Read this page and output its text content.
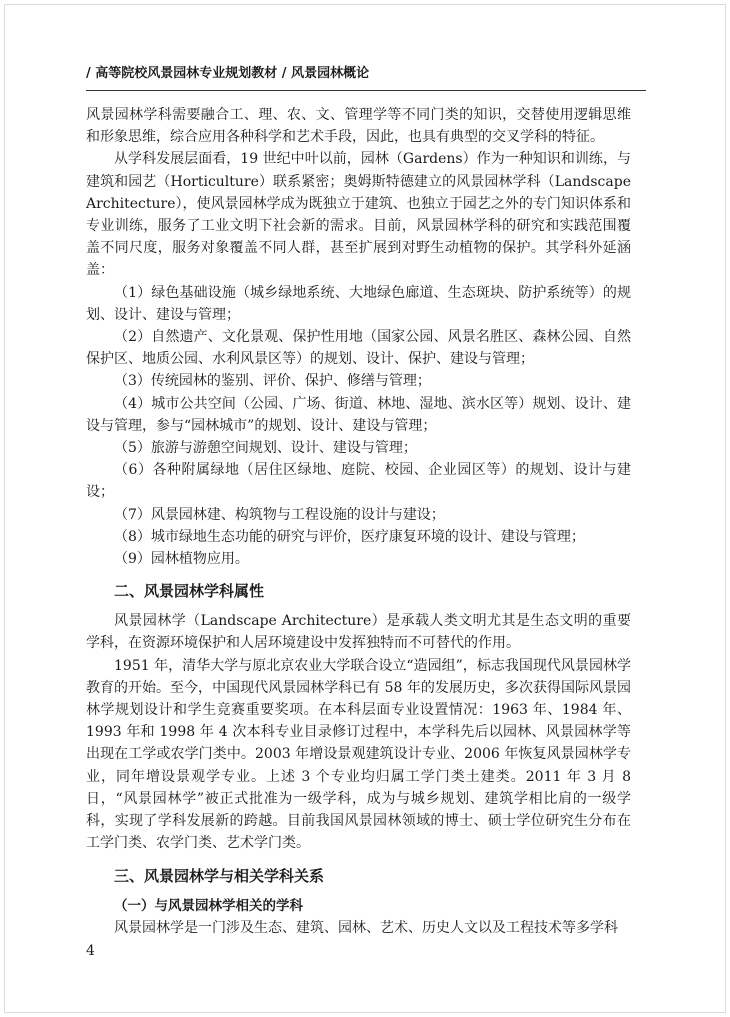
/ 高等院校风景园林专业规划教材 / 风景园林概论

风景园林学科需要融合工、理、农、文、管理学等不同门类的知识，交替使用逻辑思维和形象思维，综合应用各种科学和艺术手段，因此，也具有典型的交叉学科的特征。

从学科发展层面看，19 世纪中叶以前，园林（Gardens）作为一种知识和训练，与建筑和园艺（Horticulture）联系紧密；奥姆斯特德建立的风景园林学科（Landscape Architecture），使风景园林学成为既独立于建筑、也独立于园艺之外的专门知识体系和专业训练，服务了工业文明下社会新的需求。目前，风景园林学科的研究和实践范围覆盖不同尺度，服务对象覆盖不同人群，甚至扩展到对野生动植物的保护。其学科外延涵盖：

（1）绿色基础设施（城乡绿地系统、大地绿色廊道、生态斑块、防护系统等）的规划、设计、建设与管理；

（2）自然遗产、文化景观、保护性用地（国家公园、风景名胜区、森林公园、自然保护区、地质公园、水利风景区等）的规划、设计、保护、建设与管理；

（3）传统园林的鉴别、评价、保护、修缮与管理；

（4）城市公共空间（公园、广场、街道、林地、湿地、滨水区等）规划、设计、建设与管理，参与“园林城市”的规划、设计、建设与管理；

（5）旅游与游憩空间规划、设计、建设与管理；

（6）各种附属绿地（居住区绿地、庭院、校园、企业园区等）的规划、设计与建设；

（7）风景园林建、构筑物与工程设施的设计与建设；

（8）城市绿地生态功能的研究与评价，医疗康复环境的设计、建设与管理；

（9）园林植物应用。

二、风景园林学科属性

风景园林学（Landscape Architecture）是承载人类文明尤其是生态文明的重要学科，在资源环境保护和人居环境建设中发挥独特而不可替代的作用。

1951 年，清华大学与原北京农业大学联合设立“造园组”，标志我国现代风景园林学教育的开始。至今，中国现代风景园林学科已有 58 年的发展历史，多次获得国际风景园林学规划设计和学生竞赛重要奖项。在本科层面专业设置情况：1963 年、1984 年、1993 年和 1998 年 4 次本科专业目录修订过程中，本学科先后以园林、风景园林学等出现在工学或农学门类中。2003 年增设景观建筑设计专业、2006 年恢复风景园林学专业，同年增设景观学专业。上述 3 个专业均归属工学门类土建类。2011 年 3 月 8 日，“风景园林学”被正式批准为一级学科，成为与城乡规划、建筑学相比肩的一级学科，实现了学科发展新的跨越。目前我国风景园林领域的博士、硕士学位研究生分布在工学门类、农学门类、艺术学门类。

三、风景园林学与相关学科关系
（一）与风景园林学相关的学科

风景园林学是一门涉及生态、建筑、园林、艺术、历史人文以及工程技术等多学科

4
